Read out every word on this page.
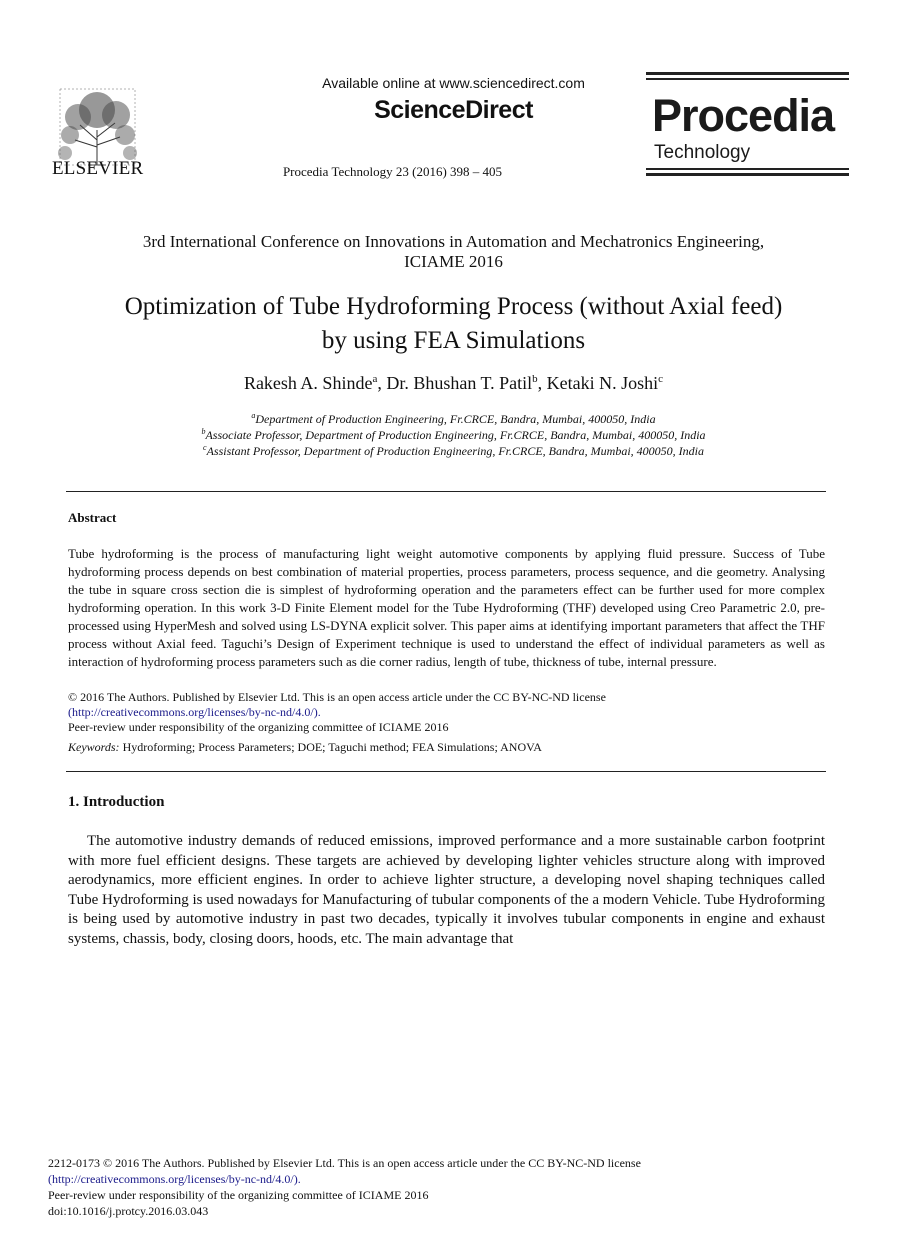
ELSEVIER
Available online at www.sciencedirect.com
ScienceDirect
Procedia Technology 23 (2016) 398 – 405
Procedia
Technology
3rd International Conference on Innovations in Automation and Mechatronics Engineering,
ICIAME 2016
Optimization of Tube Hydroforming Process (without Axial feed)
by using FEA Simulations
Rakesh A. Shinde$^a$, Dr. Bhushan T. Patil$^b$, Ketaki N. Joshi$^c$
$^a$Department of Production Engineering, Fr.CRCE, Bandra, Mumbai, 400050, India
$^b$Associate Professor, Department of Production Engineering, Fr.CRCE, Bandra, Mumbai, 400050, India
$^c$Assistant Professor, Department of Production Engineering, Fr.CRCE, Bandra, Mumbai, 400050, India
Abstract
Tube hydroforming is the process of manufacturing light weight automotive components by applying fluid pressure. Success of Tube hydroforming process depends on best combination of material properties, process parameters, process sequence, and die geometry. Analysing the tube in square cross section die is simplest of hydroforming operation and the parameters effect can be further used for more complex hydroforming operation. In this work 3-D Finite Element model for the Tube Hydroforming (THF) developed using Creo Parametric 2.0, pre-processed using HyperMesh and solved using LS-DYNA explicit solver. This paper aims at identifying important parameters that affect the THF process without Axial feed. Taguchi’s Design of Experiment technique is used to understand the effect of individual parameters as well as interaction of hydroforming process parameters such as die corner radius, length of tube, thickness of tube, internal pressure.
© 2016 The Authors. Published by Elsevier Ltd. This is an open access article under the CC BY-NC-ND license
(http://creativecommons.org/licenses/by-nc-nd/4.0/).
Peer-review under responsibility of the organizing committee of ICIAME 2016
Keywords: Hydroforming; Process Parameters; DOE; Taguchi method; FEA Simulations; ANOVA
1. Introduction
The automotive industry demands of reduced emissions, improved performance and a more sustainable carbon footprint with more fuel efficient designs. These targets are achieved by developing lighter vehicles structure along with improved aerodynamics, more efficient engines. In order to achieve lighter structure, a developing novel shaping techniques called Tube Hydroforming is used nowadays for Manufacturing of tubular components of the a modern Vehicle. Tube Hydroforming is being used by automotive industry in past two decades, typically it involves tubular components in engine and exhaust systems, chassis, body, closing doors, hoods, etc. The main advantage that
2212-0173 © 2016 The Authors. Published by Elsevier Ltd. This is an open access article under the CC BY-NC-ND license
(http://creativecommons.org/licenses/by-nc-nd/4.0/).
Peer-review under responsibility of the organizing committee of ICIAME 2016
doi:10.1016/j.protcy.2016.03.043
